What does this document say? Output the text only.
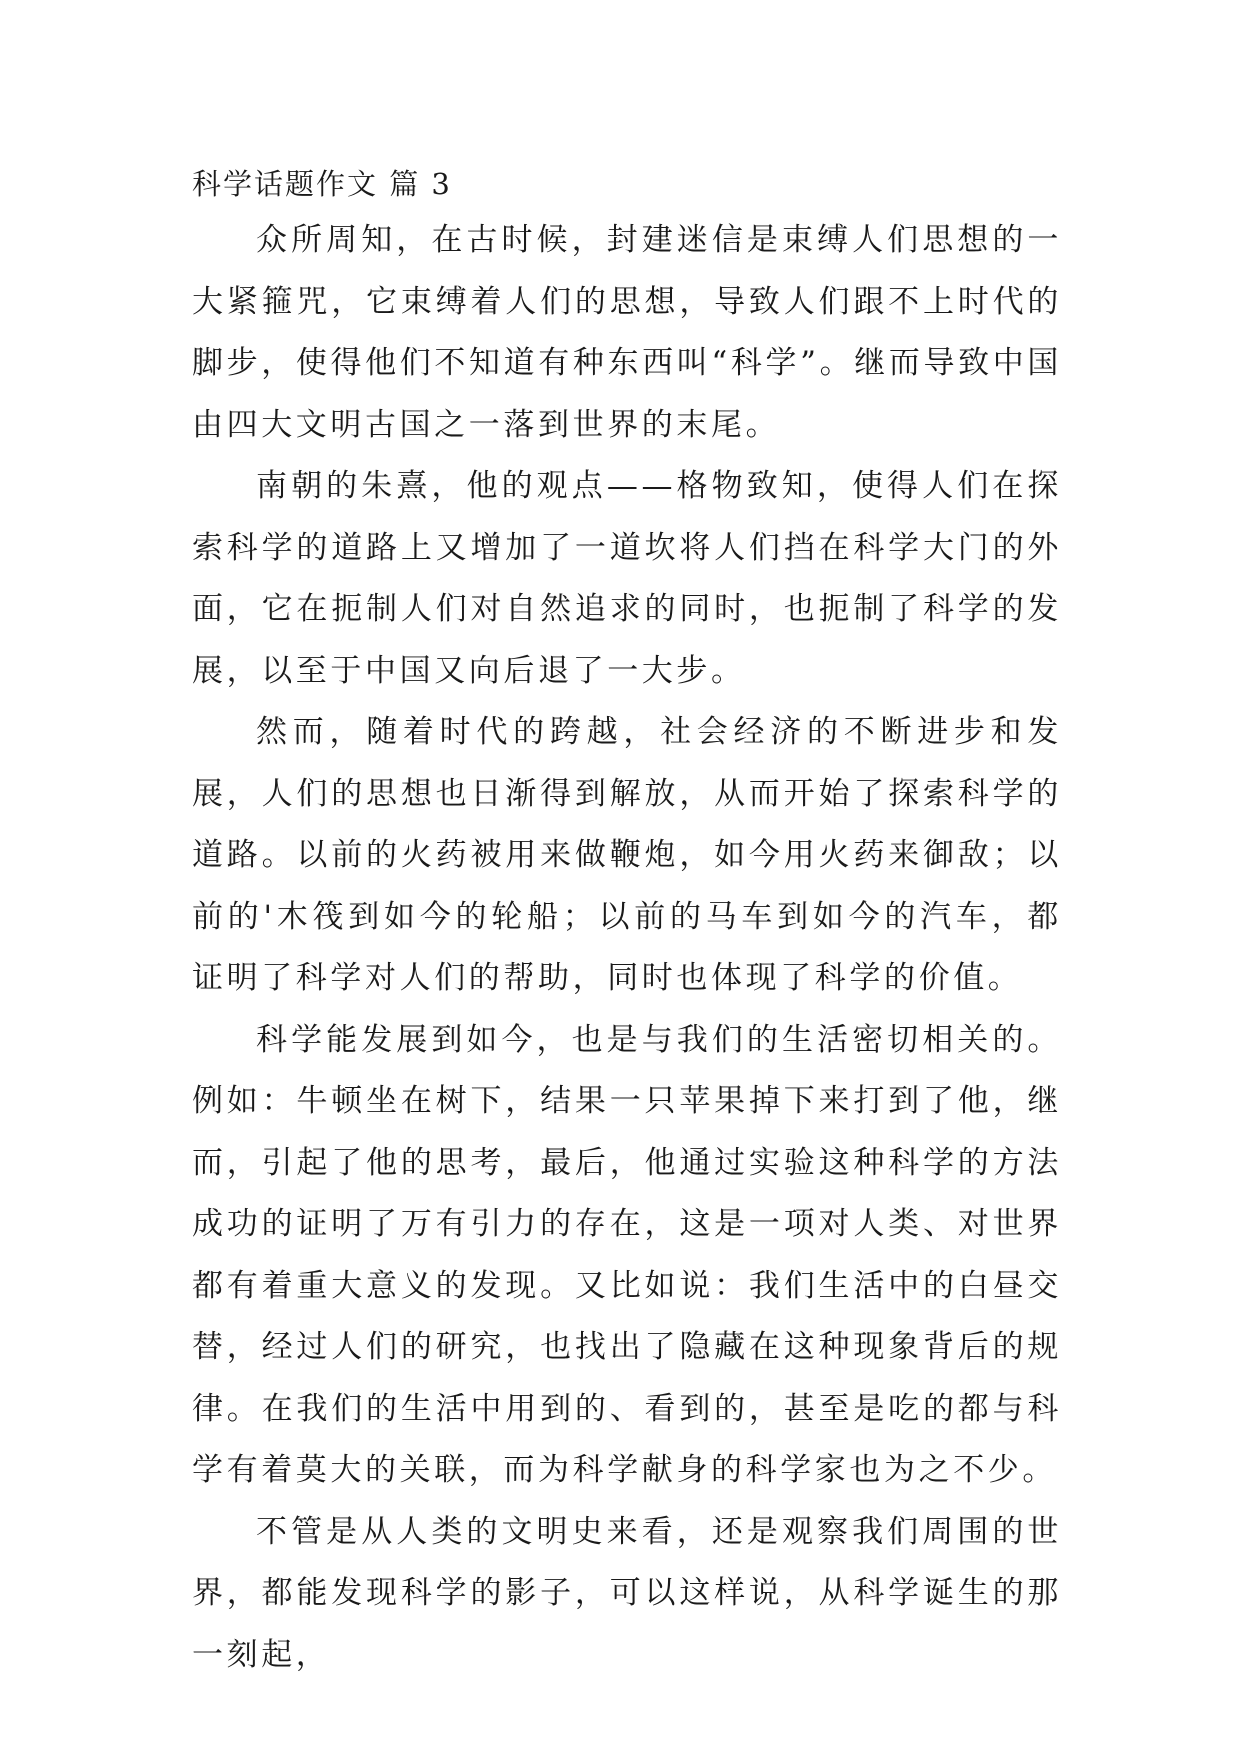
科学话题作文 篇 3

众所周知，在古时候，封建迷信是束缚人们思想的一大紧箍咒，它束缚着人们的思想，导致人们跟不上时代的脚步，使得他们不知道有种东西叫“科学”。继而导致中国由四大文明古国之一落到世界的末尾。

南朝的朱熹，他的观点——格物致知，使得人们在探索科学的道路上又增加了一道坎将人们挡在科学大门的外面，它在扼制人们对自然追求的同时，也扼制了科学的发展，以至于中国又向后退了一大步。

然而，随着时代的跨越，社会经济的不断进步和发展，人们的思想也日渐得到解放，从而开始了探索科学的道路。以前的火药被用来做鞭炮，如今用火药来御敌；以前的'木筏到如今的轮船；以前的马车到如今的汽车，都证明了科学对人们的帮助，同时也体现了科学的价值。

科学能发展到如今，也是与我们的生活密切相关的。例如：牛顿坐在树下，结果一只苹果掉下来打到了他，继而，引起了他的思考，最后，他通过实验这种科学的方法成功的证明了万有引力的存在，这是一项对人类、对世界都有着重大意义的发现。又比如说：我们生活中的白昼交替，经过人们的研究，也找出了隐藏在这种现象背后的规律。在我们的生活中用到的、看到的，甚至是吃的都与科学有着莫大的关联，而为科学献身的科学家也为之不少。

不管是从人类的文明史来看，还是观察我们周围的世界，都能发现科学的影子，可以这样说，从科学诞生的那一刻起，
